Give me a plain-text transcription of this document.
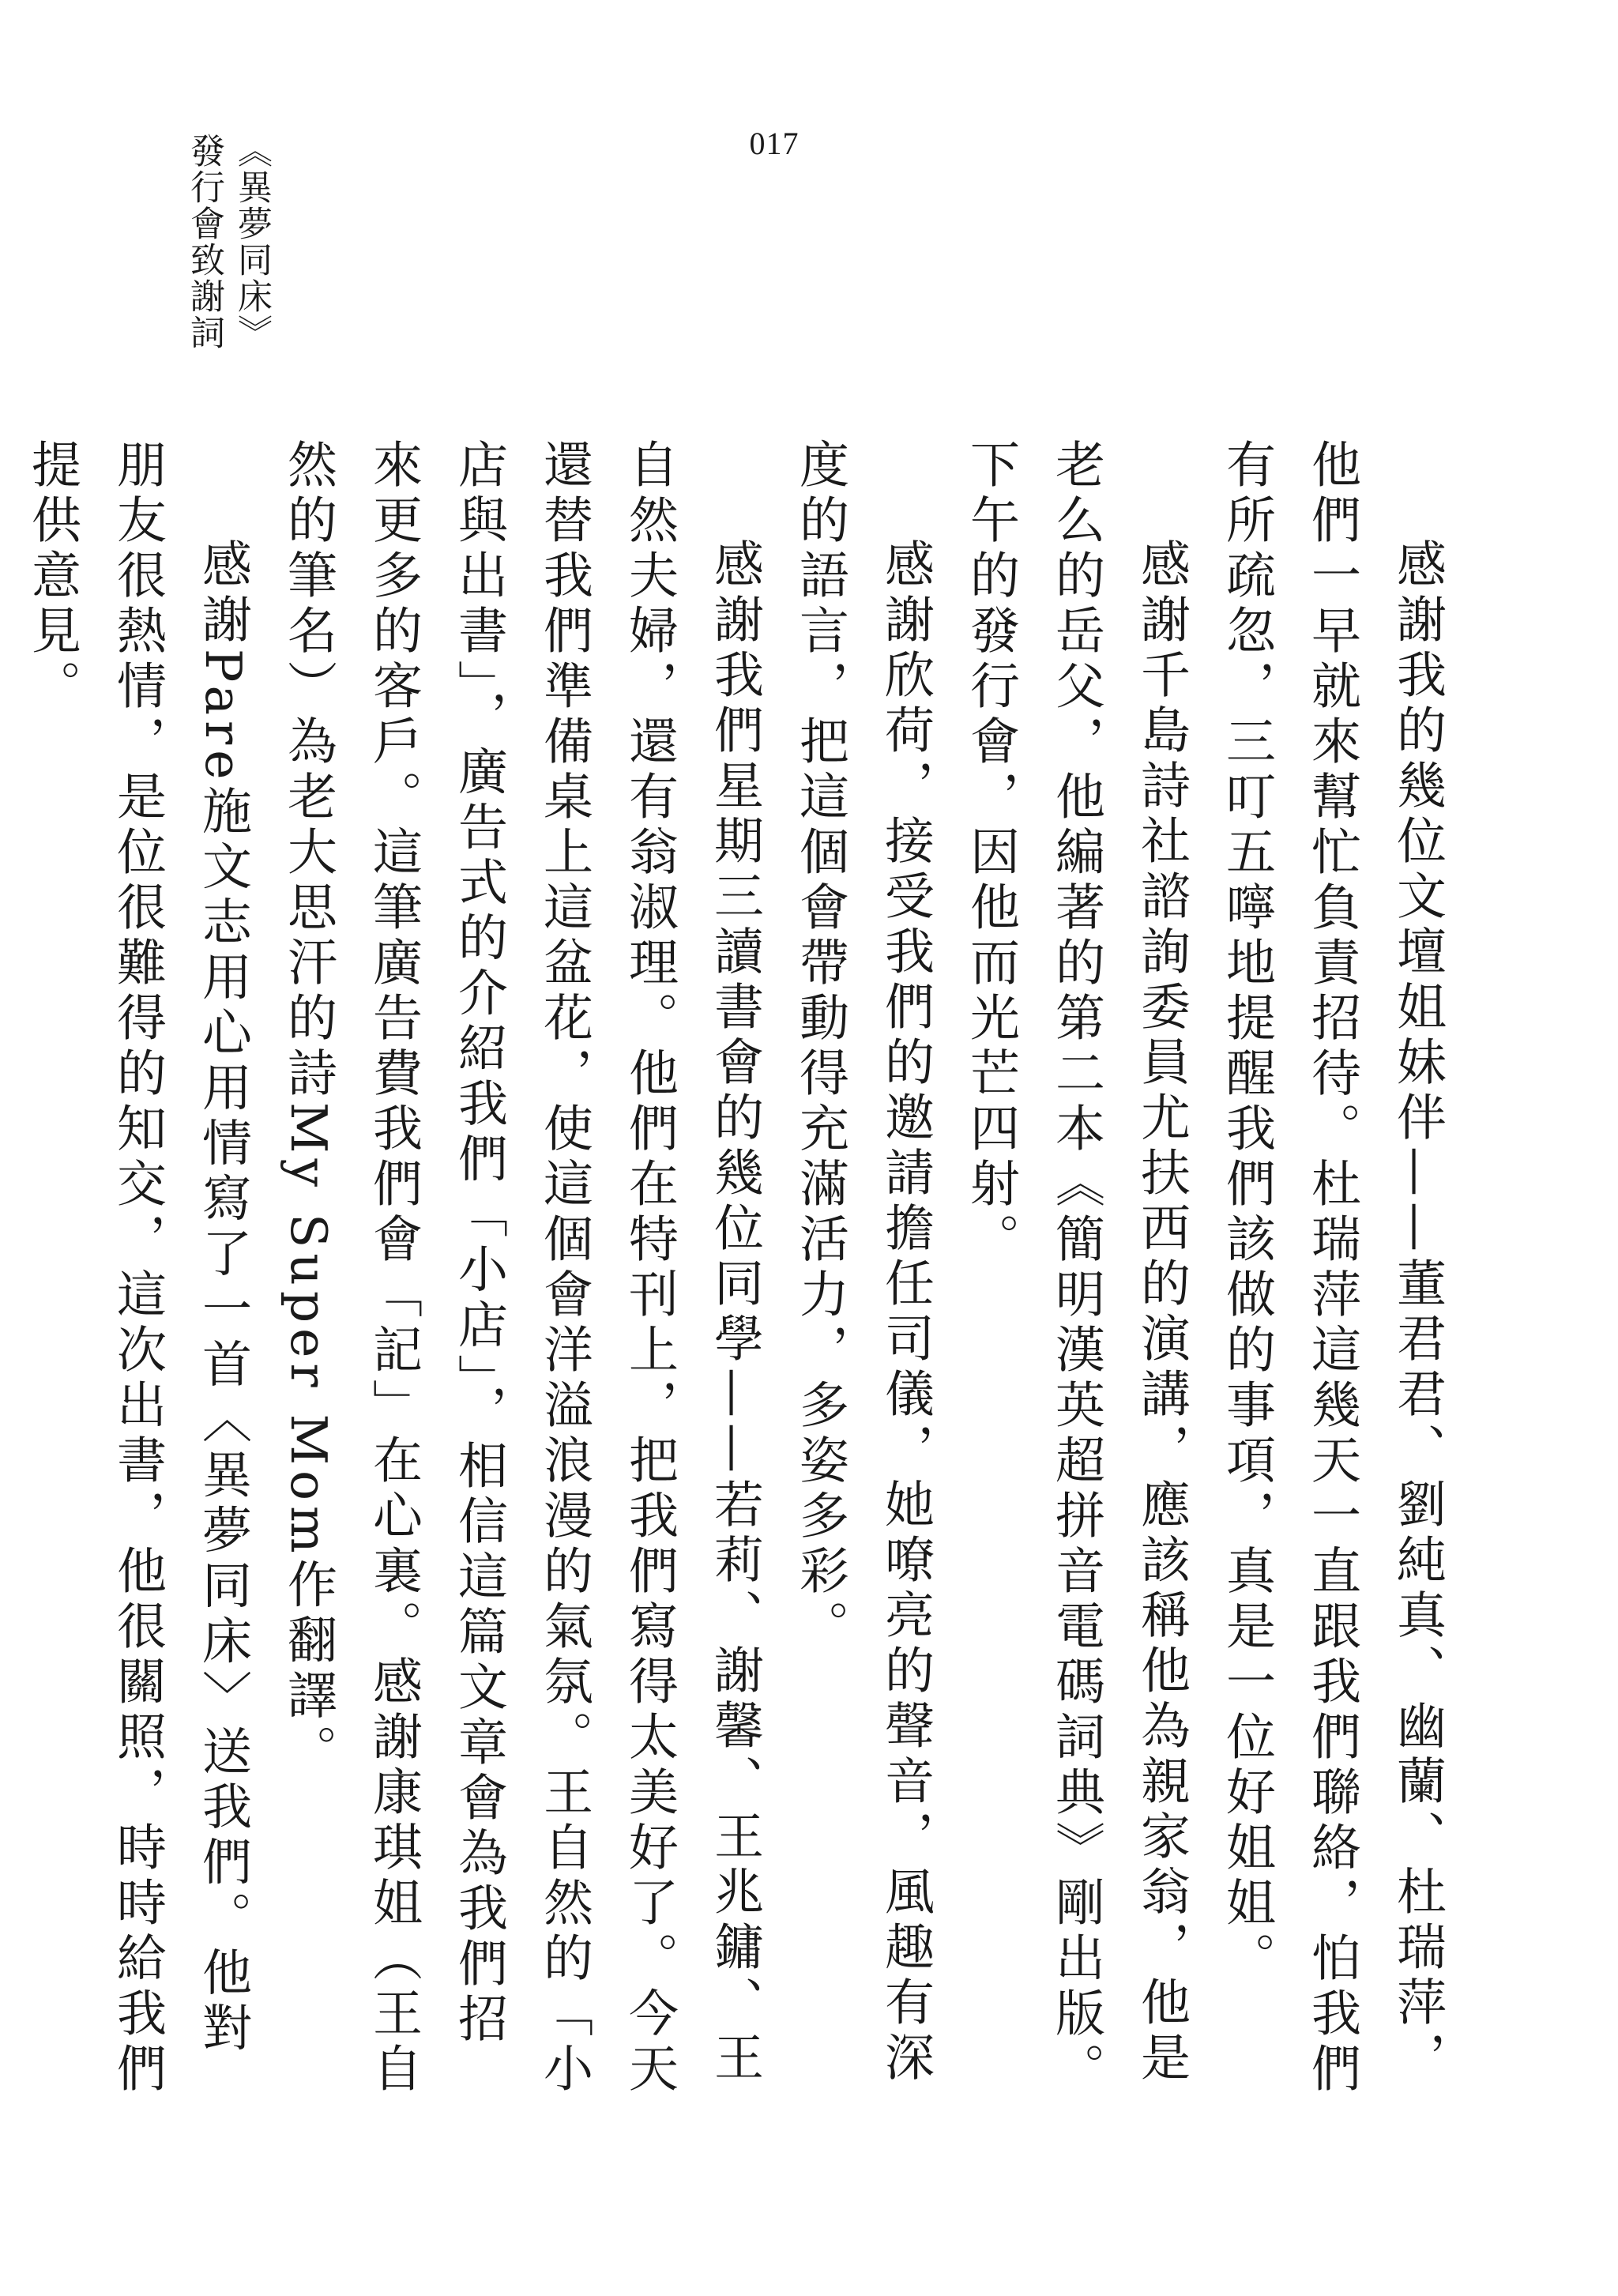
017
《異夢同床》
發行會致謝詞

感謝我的幾位文壇姐妹伴——董君君、劉純真、幽蘭、杜瑞萍，他們一早就來幫忙負責招待。杜瑞萍這幾天一直跟我們聯絡，怕我們有所疏忽，三叮五嚀地提醒我們該做的事項，真是一位好姐姐。

感謝千島詩社諮詢委員尤扶西的演講，應該稱他為親家翁，他是老么的岳父，他編著的第二本《簡明漢英超拼音電碼詞典》剛出版。下午的發行會，因他而光芒四射。

感謝欣荷，接受我們的邀請擔任司儀，她嘹亮的聲音，風趣有深度的語言，把這個會帶動得充滿活力，多姿多彩。

感謝我們星期三讀書會的幾位同學——若莉、謝馨、王兆鏞、王自然夫婦，還有翁淑理。他們在特刊上，把我們寫得太美好了。今天還替我們準備桌上這盆花，使這個會洋溢浪漫的氣氛。王自然的「小店與出書」，廣告式的介紹我們「小店」，相信這篇文章會為我們招來更多的客戶。這筆廣告費我們會「記」在心裏。感謝康琪姐（王自然的筆名）為老大思汗的詩My Super Mom作翻譯。

感謝Pare施文志用心用情寫了一首〈異夢同床〉送我們。他對朋友很熱情，是位很難得的知交，這次出書，他很關照，時時給我們提供意見。
